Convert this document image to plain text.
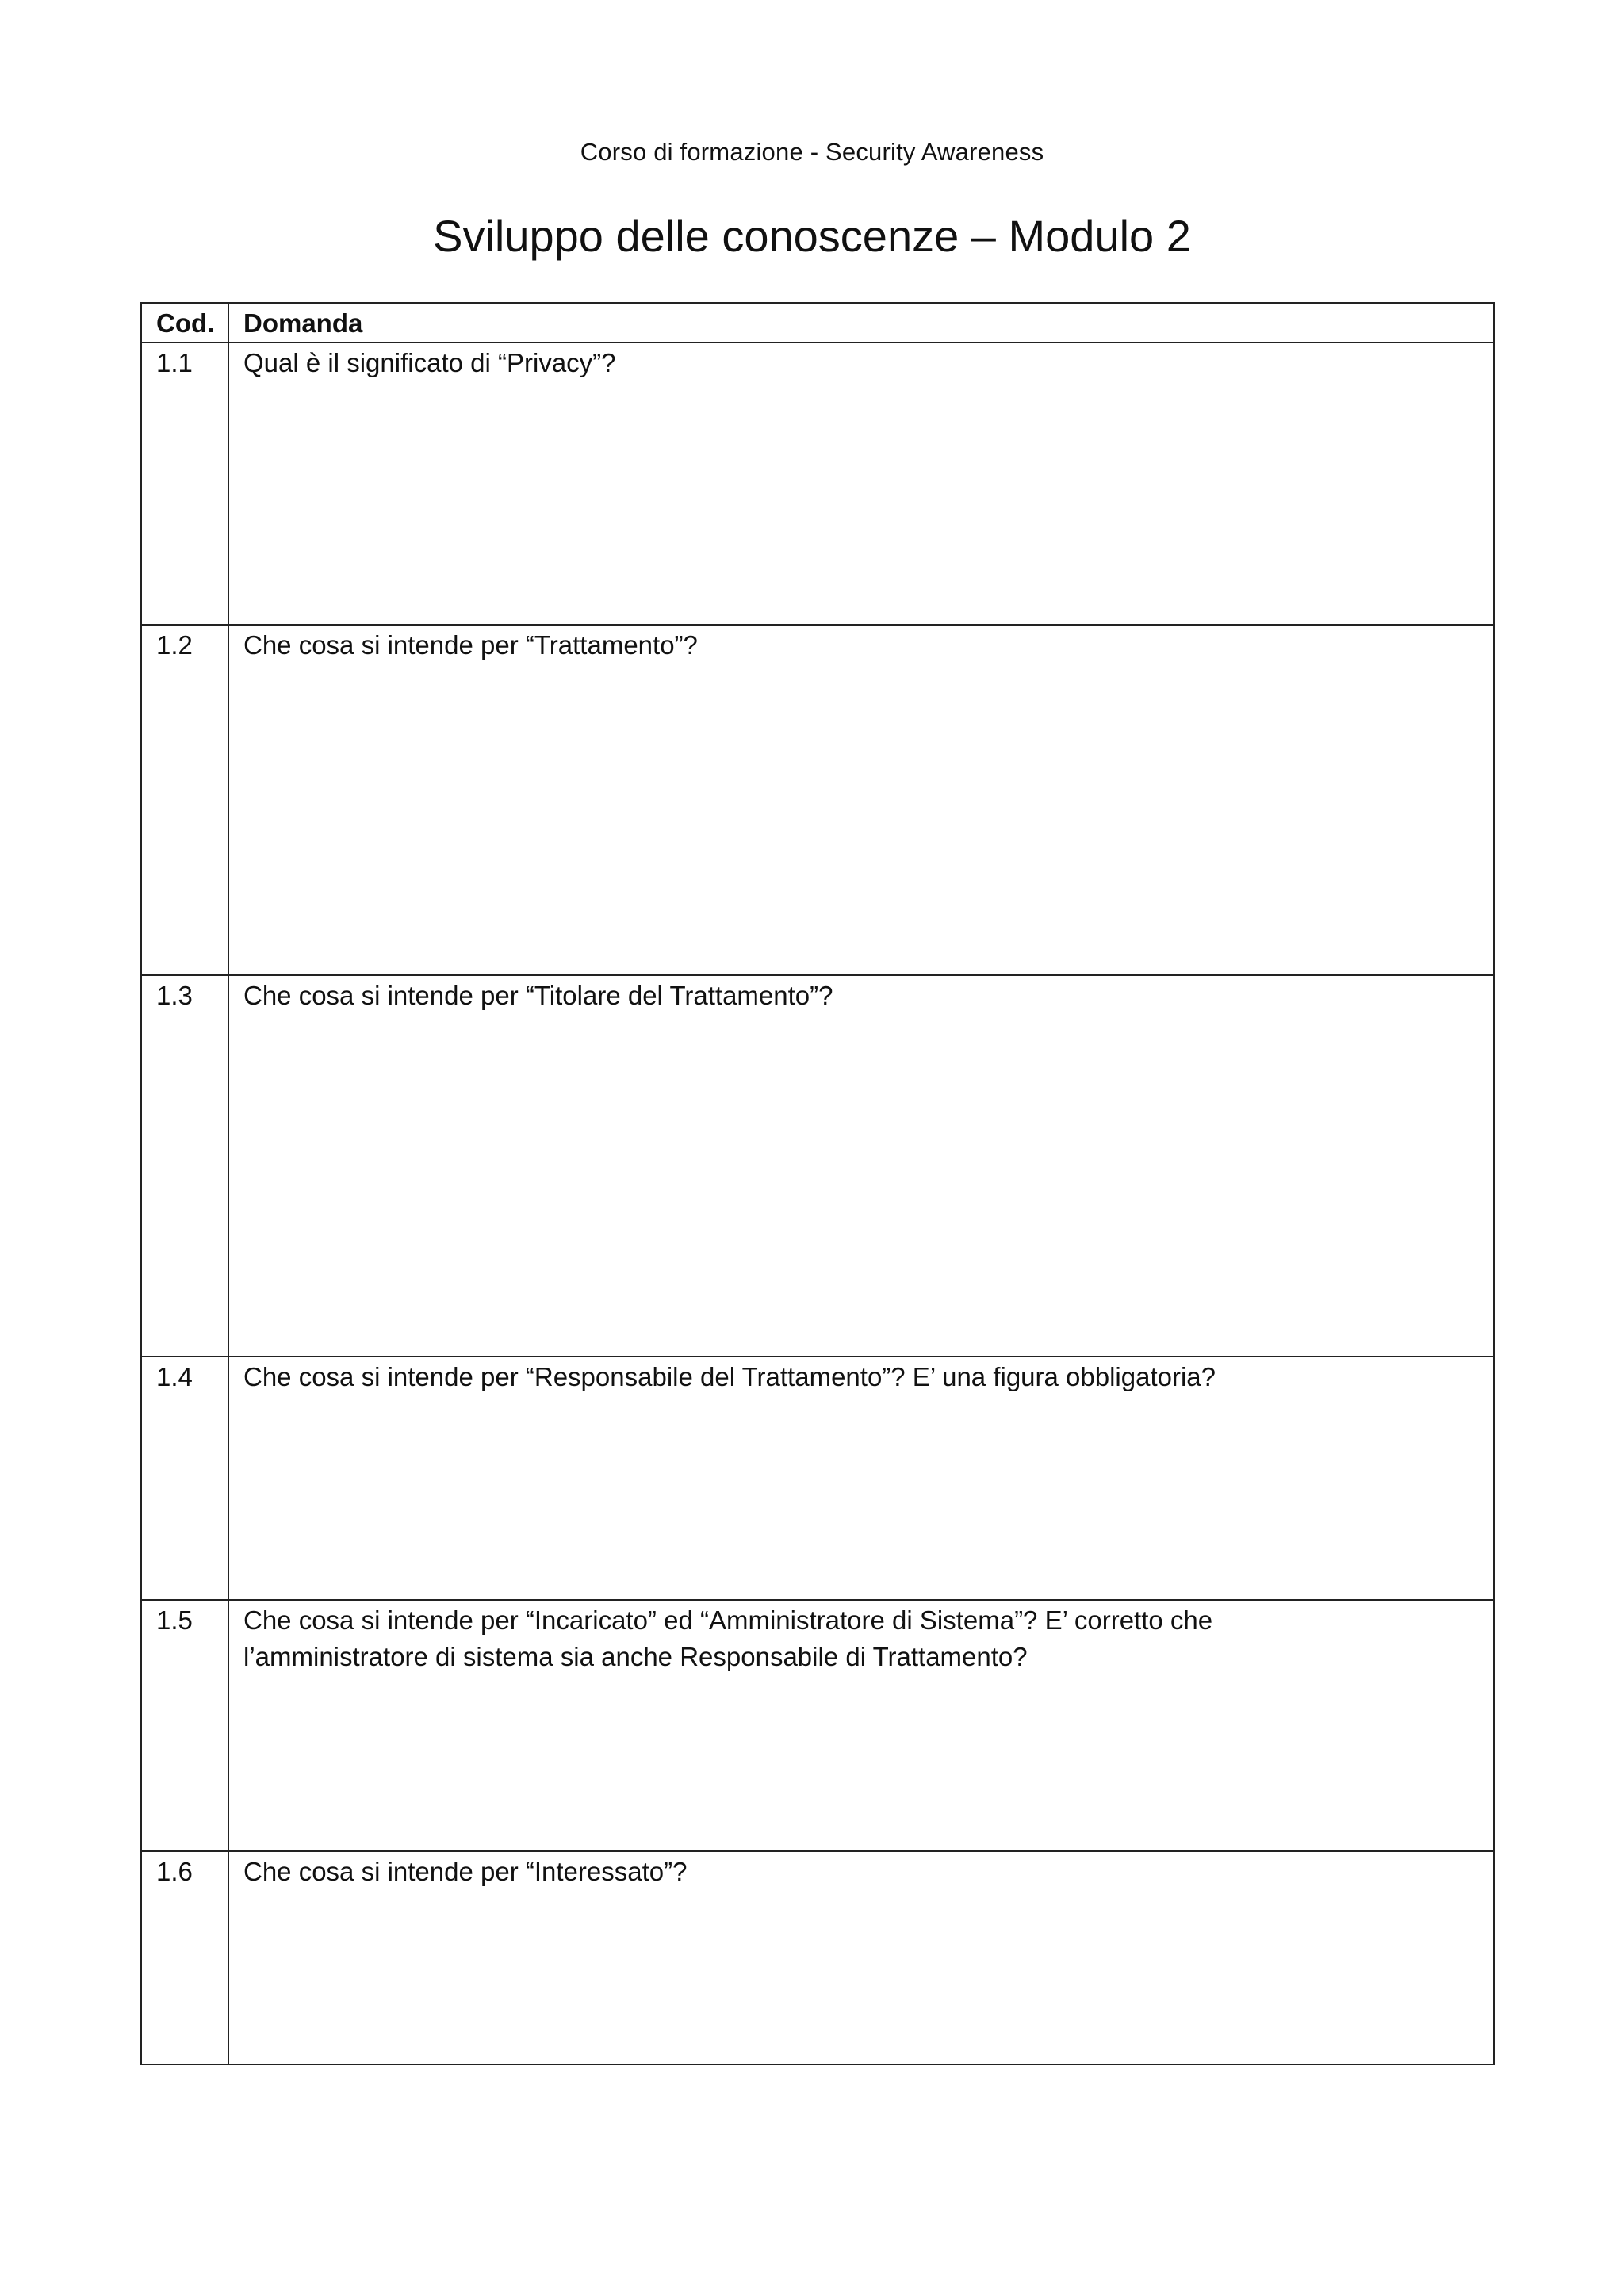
Corso di formazione - Security Awareness
Sviluppo delle conoscenze – Modulo 2
Cod.	Domanda
1.1	Qual è il significato di “Privacy”?

1.2	Che cosa si intende per “Trattamento”?

1.3	Che cosa si intende per “Titolare del Trattamento”?

1.4	Che cosa si intende per “Responsabile del Trattamento”? E’ una figura obbligatoria?

1.5	Che cosa si intende per “Incaricato” ed “Amministratore di Sistema”? E’ corretto che
l’amministratore di sistema sia anche Responsabile di Trattamento?

1.6	Che cosa si intende per “Interessato”?
